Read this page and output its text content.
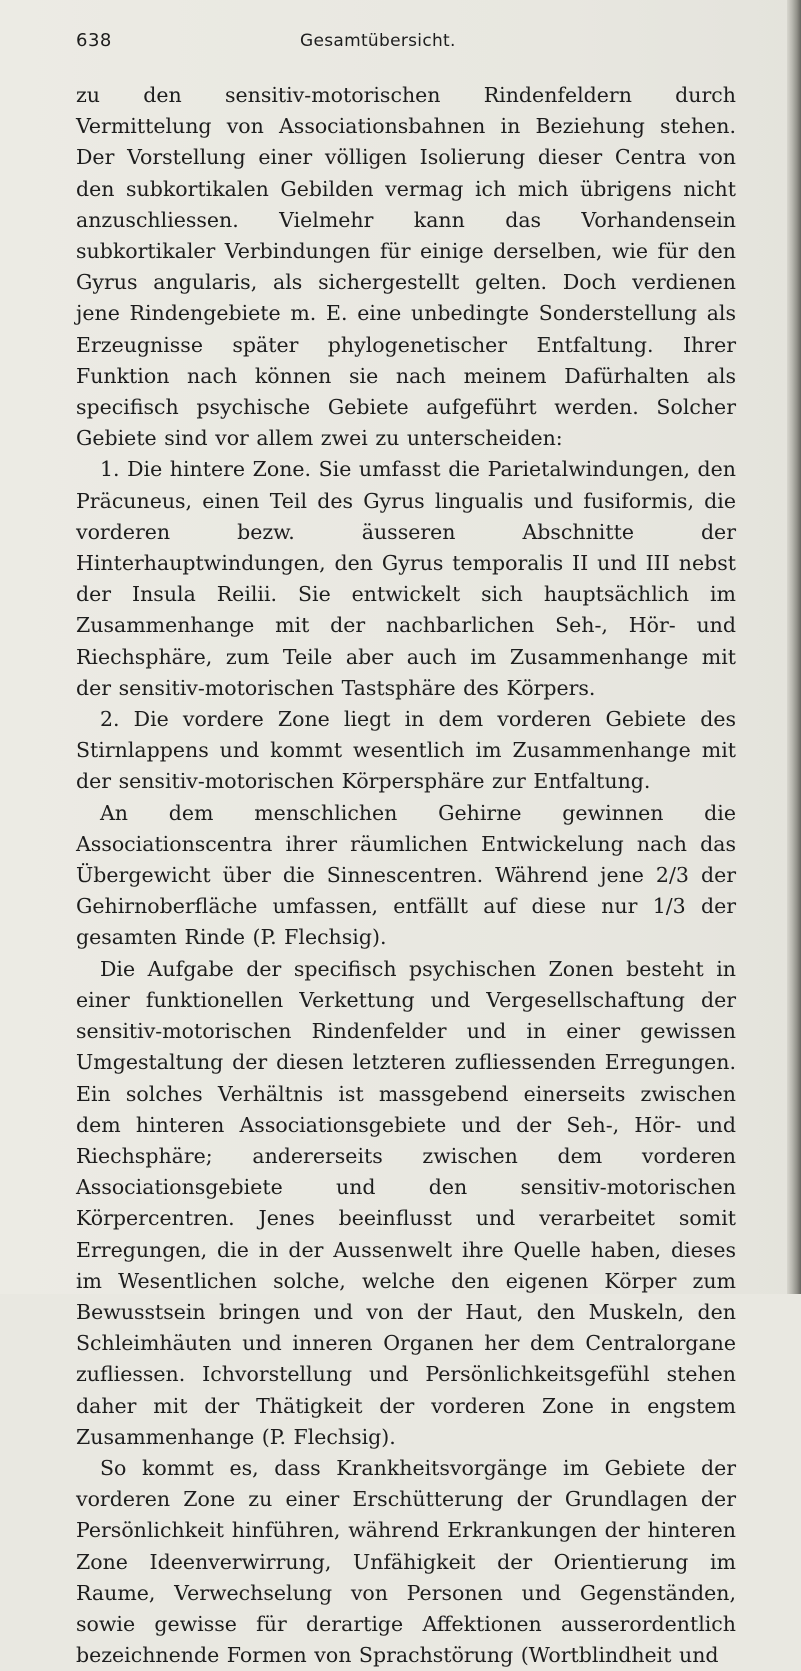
638	Gesamtübersicht.

zu den sensitiv-motorischen Rindenfeldern durch Vermittelung von Associationsbahnen in Beziehung stehen. Der Vorstellung einer völligen Isolierung dieser Centra von den subkortikalen Gebilden vermag ich mich übrigens nicht anzuschliessen. Vielmehr kann das Vorhandensein subkortikaler Verbindungen für einige derselben, wie für den Gyrus angularis, als sichergestellt gelten. Doch verdienen jene Rindengebiete m. E. eine unbedingte Sonderstellung als Erzeugnisse später phylogenetischer Entfaltung. Ihrer Funktion nach können sie nach meinem Dafürhalten als specifisch psychische Gebiete aufgeführt werden. Solcher Gebiete sind vor allem zwei zu unterscheiden:

1. Die hintere Zone. Sie umfasst die Parietalwindungen, den Präcuneus, einen Teil des Gyrus lingualis und fusiformis, die vorderen bezw. äusseren Abschnitte der Hinterhauptwindungen, den Gyrus temporalis II und III nebst der Insula Reilii. Sie entwickelt sich hauptsächlich im Zusammenhange mit der nachbarlichen Seh-, Hör- und Riechsphäre, zum Teile aber auch im Zusammenhange mit der sensitiv-motorischen Tastsphäre des Körpers.

2. Die vordere Zone liegt in dem vorderen Gebiete des Stirnlappens und kommt wesentlich im Zusammenhange mit der sensitiv-motorischen Körpersphäre zur Entfaltung.

An dem menschlichen Gehirne gewinnen die Associationscentra ihrer räumlichen Entwickelung nach das Übergewicht über die Sinnescentren. Während jene 2/3 der Gehirnoberfläche umfassen, entfällt auf diese nur 1/3 der gesamten Rinde (P. Flechsig).

Die Aufgabe der specifisch psychischen Zonen besteht in einer funktionellen Verkettung und Vergesellschaftung der sensitiv-motorischen Rindenfelder und in einer gewissen Umgestaltung der diesen letzteren zufliessenden Erregungen. Ein solches Verhältnis ist massgebend einerseits zwischen dem hinteren Associationsgebiete und der Seh-, Hör- und Riechsphäre; andererseits zwischen dem vorderen Associationsgebiete und den sensitiv-motorischen Körpercentren. Jenes beeinflusst und verarbeitet somit Erregungen, die in der Aussenwelt ihre Quelle haben, dieses im Wesentlichen solche, welche den eigenen Körper zum Bewusstsein bringen und von der Haut, den Muskeln, den Schleimhäuten und inneren Organen her dem Centralorgane zufliessen. Ichvorstellung und Persönlichkeitsgefühl stehen daher mit der Thätigkeit der vorderen Zone in engstem Zusammenhange (P. Flechsig).

So kommt es, dass Krankheitsvorgänge im Gebiete der vorderen Zone zu einer Erschütterung der Grundlagen der Persönlichkeit hinführen, während Erkrankungen der hinteren Zone Ideenverwirrung, Unfähigkeit der Orientierung im Raume, Verwechselung von Personen und Gegenständen, sowie gewisse für derartige Affektionen ausserordentlich bezeichnende Formen von Sprachstörung (Wortblindheit und
